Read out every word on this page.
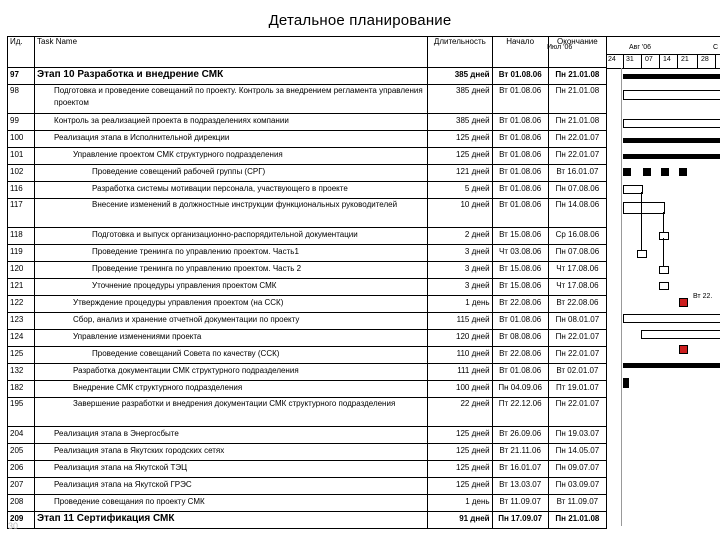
Детальное планирование
Ид.	Task Name	Длительность	Начало	Окончание
97	Этап 10 Разработка и внедрение СМК	385 дней	Вт 01.08.06	Пн 21.01.08
98	Подготовка и проведение совещаний по проекту. Контроль за внедрением регламента управления проектом	385 дней	Вт 01.08.06	Пн 21.01.08
99	Контроль за реализацией проекта в подразделениях компании	385 дней	Вт 01.08.06	Пн 21.01.08
100	Реализация этапа в Исполнительной дирекции	125 дней	Вт 01.08.06	Пн 22.01.07
101	Управление проектом СМК структурного подразделения	125 дней	Вт 01.08.06	Пн 22.01.07
102	Проведение совещений рабочей группы (СРГ)	121 дней	Вт 01.08.06	Вт 16.01.07
116	Разработка системы мотивации персонала, участвующего в проекте	5 дней	Вт 01.08.06	Пн 07.08.06
117	Внесение изменений в должностные инструкции функциональных руководителей	10 дней	Вт 01.08.06	Пн 14.08.06
118	Подготовка и выпуск организационно-распорядительной документации	2 дней	Вт 15.08.06	Ср 16.08.06
119	Проведение тренинга по управлению проектом. Часть1	3 дней	Чт 03.08.06	Пн 07.08.06
120	Проведение тренинга по управлению проектом. Часть 2	3 дней	Вт 15.08.06	Чт 17.08.06
121	Уточнение процедуры управления проектом СМК	3 дней	Вт 15.08.06	Чт 17.08.06
122	Утверждение процедуры управления проектом (на ССК)	1 день	Вт 22.08.06	Вт 22.08.06
123	Сбор, анализ и хранение отчетной документации по проекту	115 дней	Вт 01.08.06	Пн 08.01.07
124	Управление изменениями проекта	120 дней	Вт 08.08.06	Пн 22.01.07
125	Проведение совещаний Совета по качеству (ССК)	110 дней	Вт 22.08.06	Пн 22.01.07
132	Разработка документации СМК структурного подразделения	111 дней	Вт 01.08.06	Вт 02.01.07
182	Внедрение СМК структурного подразделения	100 дней	Пн 04.09.06	Пт 19.01.07
195	Завершение разработки и внедрения документации СМК структурного подразделения	22 дней	Пт 22.12.06	Пн 22.01.07
204	Реализация этапа в Энергосбыте	125 дней	Вт 26.09.06	Пн 19.03.07
205	Реализация этапа в Якутских городских сетях	125 дней	Вт 21.11.06	Пн 14.05.07
206	Реализация этапа на Якутской ТЭЦ	125 дней	Вт 16.01.07	Пн 09.07.07
207	Реализация этапа на Якутской ГРЭС	125 дней	Вт 13.03.07	Пн 03.09.07
208	Проведение совещания по проекту СМК	1 день	Вт 11.09.07	Вт 11.09.07
209	Этап 11 Сертификация СМК	91 дней	Пн 17.09.07	Пн 21.01.08
Июл '06	Авг '06	С
24 31 07 14 21 28
Вт 22.
30
